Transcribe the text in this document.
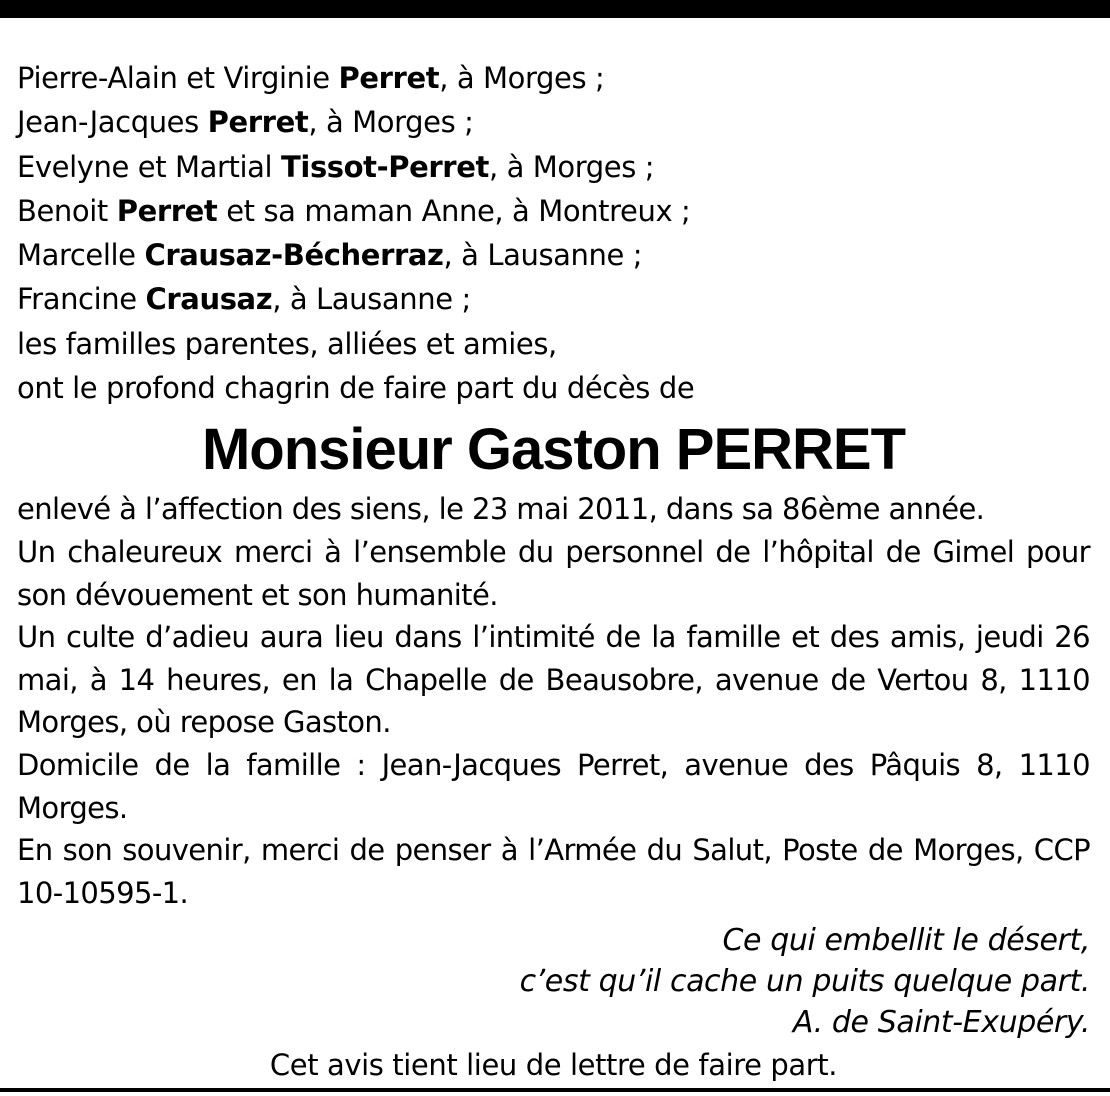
Pierre-Alain et Virginie Perret, à Morges ;
Jean-Jacques Perret, à Morges ;
Evelyne et Martial Tissot-Perret, à Morges ;
Benoit Perret et sa maman Anne, à Montreux ;
Marcelle Crausaz-Bécherraz, à Lausanne ;
Francine Crausaz, à Lausanne ;
les familles parentes, alliées et amies,
ont le profond chagrin de faire part du décès de
Monsieur Gaston PERRET

enlevé à l’affection des siens, le 23 mai 2011, dans sa 86ème année.

Un chaleureux merci à l’ensemble du personnel de l’hôpital de Gimel pour son dévouement et son humanité.

Un culte d’adieu aura lieu dans l’intimité de la famille et des amis, jeudi 26 mai, à 14 heures, en la Chapelle de Beausobre, avenue de Vertou 8, 1110 Morges, où repose Gaston.

Domicile de la famille : Jean-Jacques Perret, avenue des Pâquis 8, 1110 Morges.

En son souvenir, merci de penser à l’Armée du Salut, Poste de Morges, CCP 10-10595-1.

Ce qui embellit le désert,
c’est qu’il cache un puits quelque part.
A. de Saint-Exupéry.
Cet avis tient lieu de lettre de faire part.
